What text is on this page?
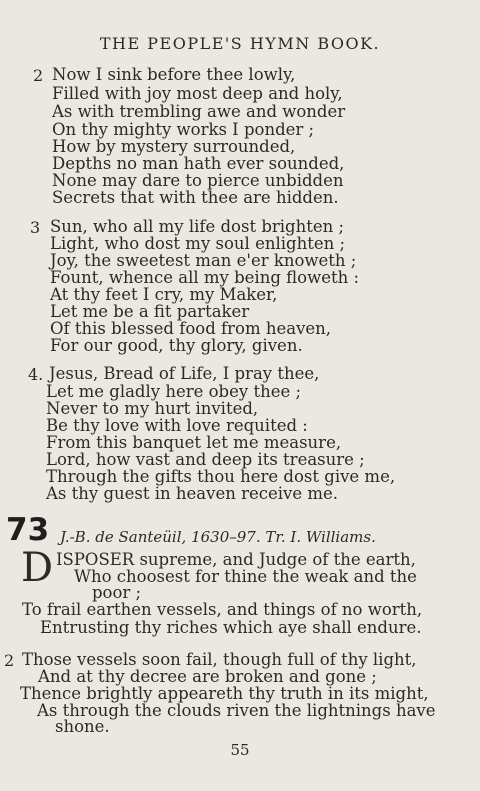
THE PEOPLE'S HYMN BOOK.
2 Now I sink before thee lowly,
Filled with joy most deep and holy,
As with trembling awe and wonder
On thy mighty works I ponder ;
How by mystery surrounded,
Depths no man hath ever sounded,
None may dare to pierce unbidden
Secrets that with thee are hidden.
3 Sun, who all my life dost brighten ;
Light, who dost my soul enlighten ;
Joy, the sweetest man e'er knoweth ;
Fount, whence all my being floweth :
At thy feet I cry, my Maker,
Let me be a fit partaker
Of this blessed food from heaven,
For our good, thy glory, given.
4. Jesus, Bread of Life, I pray thee,
Let me gladly here obey thee ;
Never to my hurt invited,
Be thy love with love requited :
From this banquet let me measure,
Lord, how vast and deep its treasure ;
Through the gifts thou here dost give me,
As thy guest in heaven receive me.
73 J.-B. de Santeüil, 1630–97. Tr. I. Williams.
D ISPOSER supreme, and Judge of the earth,
Who choosest for thine the weak and the
poor ;
To frail earthen vessels, and things of no worth,
Entrusting thy riches which aye shall endure.
2 Those vessels soon fail, though full of thy light,
And at thy decree are broken and gone ;
Thence brightly appeareth thy truth in its might,
As through the clouds riven the lightnings have
shone.
55
